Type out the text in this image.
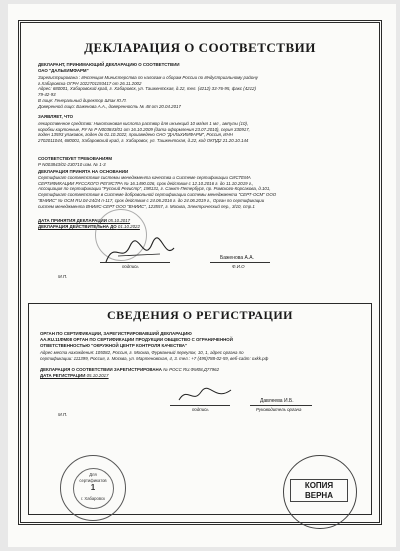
ДЕКЛАРАЦИЯ О СООТВЕТСТВИИ
ДЕКЛАРАНТ, ПРИНИМАЮЩИЙ ДЕКЛАРАЦИЮ О СООТВЕТСТВИИ
ОАО "ДАЛЬХИМФАРМ"
Зарегистрирована : Инспекция Министерства по налогам и сборам России по Индустриальному району
г.Хабаровска ОГРН 1022701193417 от 26.11.2002
Адрес: 680001, Хабаровский край, г. Хабаровск, ул. Ташкентская, д.22, тел. (4212) 33-76-95, факс (4212)
79-42-93
В лице: Генеральный директор Шпак Ю.П.
Доверенной лицо: Баженова А.А., доверенность № 48 от 20.04.2017
ЗАЯВЛЯЕТ, ЧТО
лекарственное средство: Никотиновая кислота раствор для инъекций 10 мг/мл 1 мл , ампулы (10),
коробки картонные, РУ № Р N003843/01 от 16.10.2009 (дата оформления 23.07.2010), серия 330917,
годен 13593 упаковок, годен до 01.10.2022, произведено ОАО "ДАЛЬХИМФАРМ", Россия, ИНН
2702011044, 680001, Хабаровский край, г. Хабаровск, ул. Ташкентская, д.22, код ОКПД2 21.20.10.144
СООТВЕТСТВУЕТ ТРЕБОВАНИЯМ
Р N003843/01-230710 изм. № 1-3
ДЕКЛАРАЦИЯ ПРИНЯТА НА ОСНОВАНИИ
Сертификат соответствия системы менеджмента качества и Системе сертификации СИСТЕМА
СЕРТИФИКАЦИИ РУССКОГО РЕГИСТРА № 16.1490.026, срок действия с 12.10.2016 г. до 11.10.2019 г.,
Ассоциация по сертификации "Русский Регистр", 198131, г. Санкт-Петербург, пр. Римского-Корсакова, д.101,
Сертификат соответствия в Системе добровольной сертификации системы менеджмента "СЕРТ-ОСМ" ООО
"ВНИИС" № ОСМ RU.04-24/24 п-117, срок действия с 24.06.2016 г. до 24.06.2019 г., Орган по сертификации
систем менеджмента ВНИИС-СЕРТ ООО "ВНИИС", 123557, г. Москва, Электрический пер., 3/10, стр.1
ДАТА ПРИНЯТИЯ ДЕКЛАРАЦИИ 05.10.2017
ДЕКЛАРАЦИЯ ДЕЙСТВИТЕЛЬНА ДО 01.10.2022
подпись
Баженова А.А.
Ф.И.О
М.П.
СВЕДЕНИЯ О РЕГИСТРАЦИИ
ОРГАН ПО СЕРТИФИКАЦИИ, ЗАРЕГИСТРИРОВАВШИЙ ДЕКЛАРАЦИЮ
АА.RU.11ФМ08 ОРГАН ПО СЕРТИФИКАЦИИ ПРОДУКЦИИ ОБЩЕСТВО С ОГРАНИЧЕННОЙ
ОТВЕТСТВЕННОСТЬЮ "ОКРУЖНОЙ ЦЕНТР КОНТРОЛЯ КАЧЕСТВА"
Адрес места нахождения: 105082, Россия, г. Москва, Фурманный переулок, 10, 1, адрес органа по
сертификации: 111399, Россия, г. Москва, ул. Мартеновская, 4, 3. тел.: +7 (495)788-02-59, веб-сайт: oxkk.pф
ДЕКЛАРАЦИЯ О СООТВЕТСТВИИ ЗАРЕГИСТРИРОВАНА № РОСС RU.ФМ08.Д77962
ДАТА РЕГИСТРАЦИИ 05.10.2017
подпись
Давлеева И.Б.
Руководитель органа
М.П.
Для
сертификатов
1
г. Хабаровск
КОПИЯ
ВЕРНА
